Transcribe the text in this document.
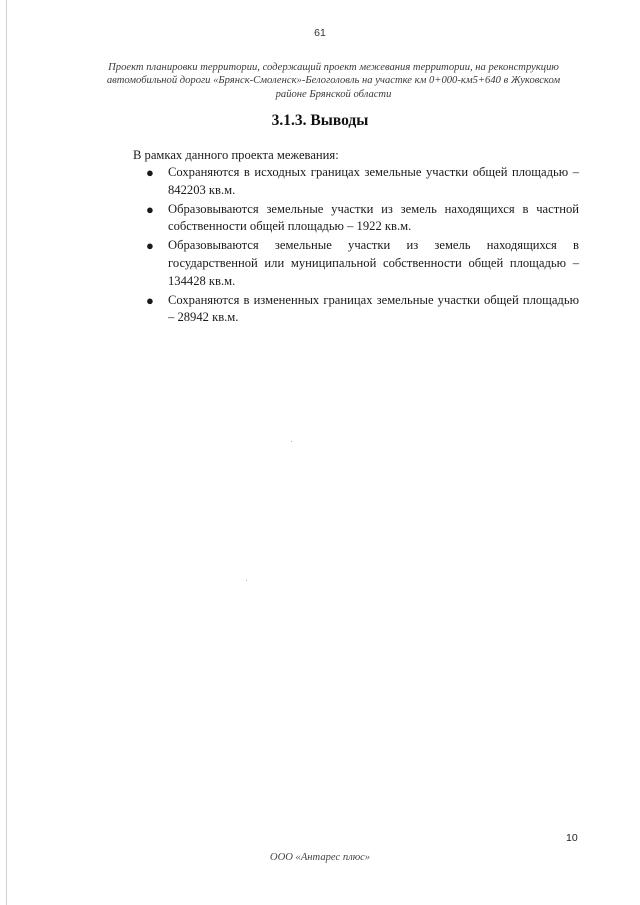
61
Проект планировки территории, содержащий проект межевания территории, на реконструкцию автомобильной дороги «Брянск-Смоленск»-Белоголовль на участке км 0+000-км5+640 в Жуковском районе Брянской области
3.1.3. Выводы
В рамках данного проекта межевания:
● Сохраняются в исходных границах земельные участки общей площадью – 842203 кв.м.
● Образовываются земельные участки из земель находящихся в частной собственности общей площадью – 1922 кв.м.
● Образовываются земельные участки из земель находящихся в государственной или муниципальной собственности общей площадью – 134428 кв.м.
● Сохраняются в измененных границах земельные участки общей площадью – 28942 кв.м.
10
ООО «Антарес плюс»
